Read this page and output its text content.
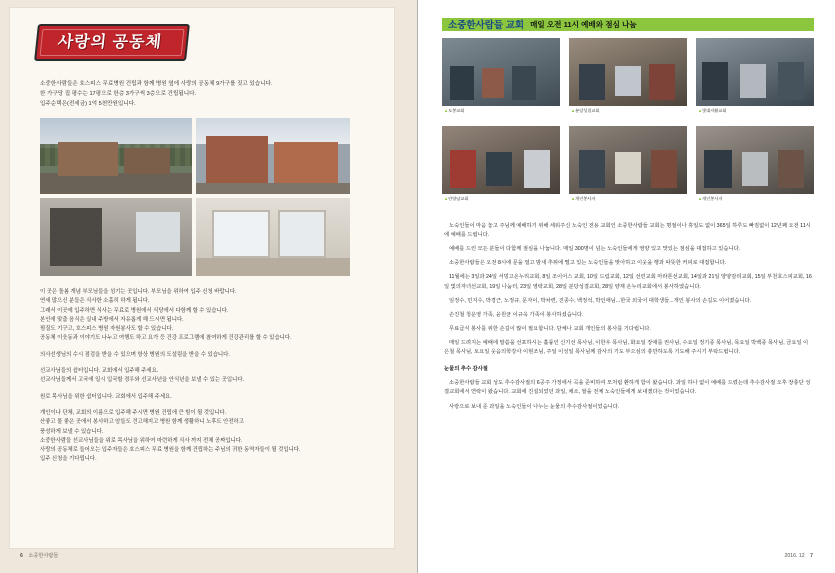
사랑의 공동체

소중한사람들은 호스피스 무료병원 건립과 함께 병원 옆에 사랑의 공동체 9가구를 짓고 있습니다.

한 가구당 집 평수는 17평으로 한층 3가구씩 3층으로 건립됩니다.

입주순택은(전세금) 1억 5천만원입니다.

이 곳은 돌봄 개념 부모님들을 섬기는 곳입니다. 부모님을 위하여 입주 신청 바랍니다.

연세 많으신 분들은 식사한 소홀히 하게 됩니다.

그래서 이곳에 입주하면 식사는 무료로 병원에서 식당에서 다함께 할 수 있습니다.

본인에 맞춤 음식은 실내 주방에서 자유롭게 해 드시면 됩니다.

찜질도 기구고, 호스피스 병원 자원봉사도 할 수 있습니다.

공동체 이웃동과 이야기도 나누고 여행도 하고 요가 등 건강 프로그램에 참여하게 건강관리를 할 수 있습니다.

의사선생님의 수시 점검을 받을 수 있으며 항상 병원의 도설림을 받을 수 있습니다.

선교사님들의 쉼터입니다. 교회에서 입주해 주세요.

선교사님들께서 고국에 일시 입국할 경우와 선교사년을 안식년을 보낼 수 있는 곳입니다.

원로 목사님을 위한 쉼터입니다. 교회에서 입주해 주세요.

개인이나 단체, 교회의 이름으로 입주해 주시면 병원 건립에 큰 힘이 될 것입니다.

산좋고 물 좋은 곳에서 봉사하고 암들도 견고해지고 병원 함께 생활하니 노후도 안전하고

풍성하게 보낼 수 있습니다.

소중한사람들 선교사님들을 위로 목사님을 위하여 마련하게 식사 까지 전체 공짜입니다.

사랑의 공동체로 들어오는 입주자들은 호스피스 무료 병원을 함께 건립하는 주님의 귀한 동역자들이 될 것입니다.

입주 신청을 기다립니다.

6 소중한사람들
소중한사람들 교회 매일 오전 11시 예배와 점심 나눔
▲도봉교회	▲분당성결교회	▲빛대자활교회
▲안양남교회	▲개인봉사자	▲개인봉사자

노숙인들이 마음 놓고 주님께 예배하기 위해 세워주신 노숙인 전용 교회인 소중한사람들 교회는 명절이나 휴일도 없이 365일 하루도 빠짐없이 12년째 오전 11시에 예배를 드립니다.

예배를 드린 모든 분들이 다함께 점심을 나눕니다. 매일 300명이 넘는 노숙인들에게 영양 있고 맛있는 점심을 대접하고 있습니다.

소중한사람들은 오전 8시에 문을 열고 밤새 추위에 떨고 있는 노숙인들을 맞아하고 이웃을 행과 따뜻한 커피로 대접합니다.

11월에는 3일과 24일 서빙고온누리교회, 8일 조이어스 교회, 10일 드림교회, 12일 선린교회 마라톤선교회, 14일과 21일 양양감리교회, 15일 부천호스피교회, 16일 빛의자녀선교회, 19일 나눔터, 23일 영락교회, 28일 분당성결교회, 28일 양재 온누리교회에서 봉사하였습니다.

임정수, 민지수, 박경근, 노정규, 문자이, 박차련, 진종수, 백정석, 박인애님...한국 외국어 대학생들...개인 봉사의 손길도 이어졌습니다.

손진철 청운영 가족, 윤원균 이규옥 가족이 봉사하셨습니다.

무료급식 봉사를 위한 손길이 많이 필요합니다. 단체나 교회 개인들의 봉사를 기다립니다.

매일 드려지는 예배에 말씀을 선포하시는 훌륭인 신기선 목사님, 이한우 목사님, 화요일 장애를 권사님, 수요일 정기종 목사님, 목요일 박백종 목사님, 금요일 이은철 목사님, 토요일 웃음의학강사 이현조님, 주일 이성일 목사님께 감사의 기도 부으심의 충만하도록 기도해 주시기 부탁드립니다.

눈물의 추수 감사절

소중한사람들 교회 성도 추수감사절의 6공주 가정에서 곡을 준비하여 모처럼 환하게 함이 왔습니다. 과일 하나 없이 예배를 드렸는데 추수감사절 오후 장충단 성결교회에서 연락이 왔습니다. 교회에 진설되었던 과일, 채소, 쌀을 전체 노숙인들에게 보내겠다는 것이었습니다.

사랑으로 보내 준 과일을 노숙인들이 나누는 눈물의 추수감사절이었습니다.

2016. 12 7
